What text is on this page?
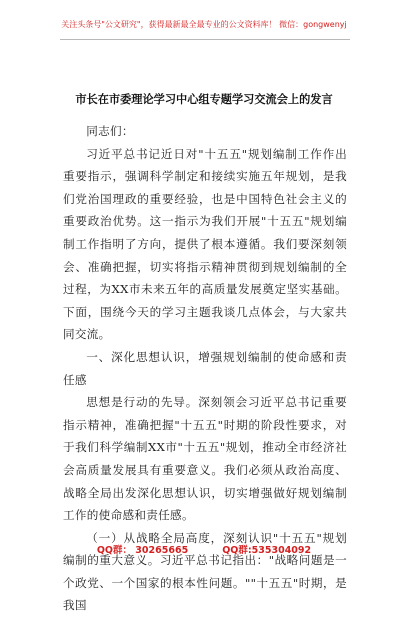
关注头条号"公文研究"，获得最新最全最专业的公文资料库！ 微信：gongwenyj
市长在市委理论学习中心组专题学习交流会上的发言

同志们：

习近平总书记近日对"十五五"规划编制工作作出重要指示，强调科学制定和接续实施五年规划，是我们党治国理政的重要经验，也是中国特色社会主义的重要政治优势。这一指示为我们开展"十五五"规划编制工作指明了方向，提供了根本遵循。我们要深刻领会、准确把握，切实将指示精神贯彻到规划编制的全过程，为XX市未来五年的高质量发展奠定坚实基础。下面，围绕今天的学习主题我谈几点体会，与大家共同交流。

一、深化思想认识，增强规划编制的使命感和责任感

思想是行动的先导。深刻领会习近平总书记重要指示精神，准确把握"十五五"时期的阶段性要求，对于我们科学编制XX市"十五五"规划，推动全市经济社会高质量发展具有重要意义。我们必须从政治高度、战略全局出发深化思想认识，切实增强做好规划编制工作的使命感和责任感。

（一）从战略全局高度，深刻认识"十五五"规划编制的重大意义。习近平总书记指出："战略问题是一个政党、一个国家的根本性问题。""十五五"时期，是我国

QQ群： 30265665	QQ群:535304092
